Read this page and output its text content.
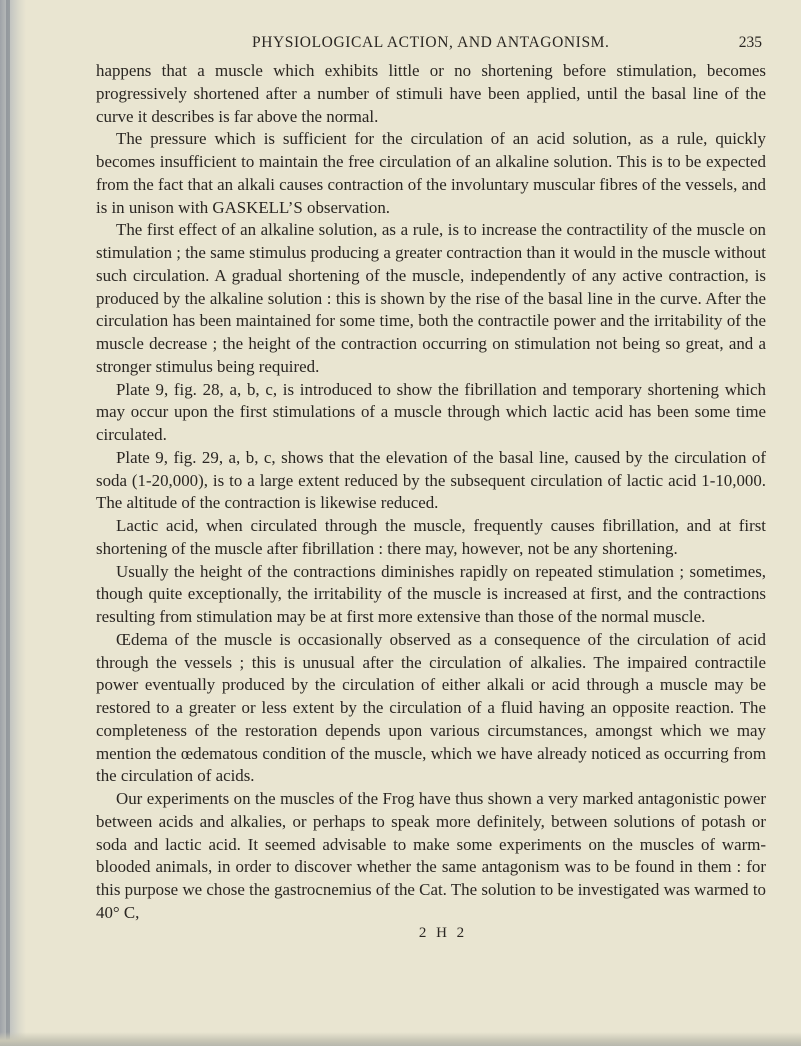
PHYSIOLOGICAL ACTION, AND ANTAGONISM.	235

happens that a muscle which exhibits little or no shortening before stimulation, becomes progressively shortened after a number of stimuli have been applied, until the basal line of the curve it describes is far above the normal.

The pressure which is sufficient for the circulation of an acid solution, as a rule, quickly becomes insufficient to maintain the free circulation of an alkaline solution. This is to be expected from the fact that an alkali causes contraction of the involuntary muscular fibres of the vessels, and is in unison with GASKELL’S observation.

The first effect of an alkaline solution, as a rule, is to increase the contractility of the muscle on stimulation ; the same stimulus producing a greater contraction than it would in the muscle without such circulation. A gradual shortening of the muscle, independently of any active contraction, is produced by the alkaline solution : this is shown by the rise of the basal line in the curve. After the circulation has been maintained for some time, both the contractile power and the irritability of the muscle decrease ; the height of the contraction occurring on stimulation not being so great, and a stronger stimulus being required.

Plate 9, fig. 28, a, b, c, is introduced to show the fibrillation and temporary shortening which may occur upon the first stimulations of a muscle through which lactic acid has been some time circulated.

Plate 9, fig. 29, a, b, c, shows that the elevation of the basal line, caused by the circulation of soda (1-20,000), is to a large extent reduced by the subsequent circulation of lactic acid 1-10,000. The altitude of the contraction is likewise reduced.

Lactic acid, when circulated through the muscle, frequently causes fibrillation, and at first shortening of the muscle after fibrillation : there may, however, not be any shortening.

Usually the height of the contractions diminishes rapidly on repeated stimulation ; sometimes, though quite exceptionally, the irritability of the muscle is increased at first, and the contractions resulting from stimulation may be at first more extensive than those of the normal muscle.

Œdema of the muscle is occasionally observed as a consequence of the circulation of acid through the vessels ; this is unusual after the circulation of alkalies. The impaired contractile power eventually produced by the circulation of either alkali or acid through a muscle may be restored to a greater or less extent by the circulation of a fluid having an opposite reaction. The completeness of the restoration depends upon various circumstances, amongst which we may mention the œdematous condition of the muscle, which we have already noticed as occurring from the circulation of acids.

Our experiments on the muscles of the Frog have thus shown a very marked antagonistic power between acids and alkalies, or perhaps to speak more definitely, between solutions of potash or soda and lactic acid. It seemed advisable to make some experiments on the muscles of warm-blooded animals, in order to discover whether the same antagonism was to be found in them : for this purpose we chose the gastrocnemius of the Cat. The solution to be investigated was warmed to 40° C,

2 H 2
